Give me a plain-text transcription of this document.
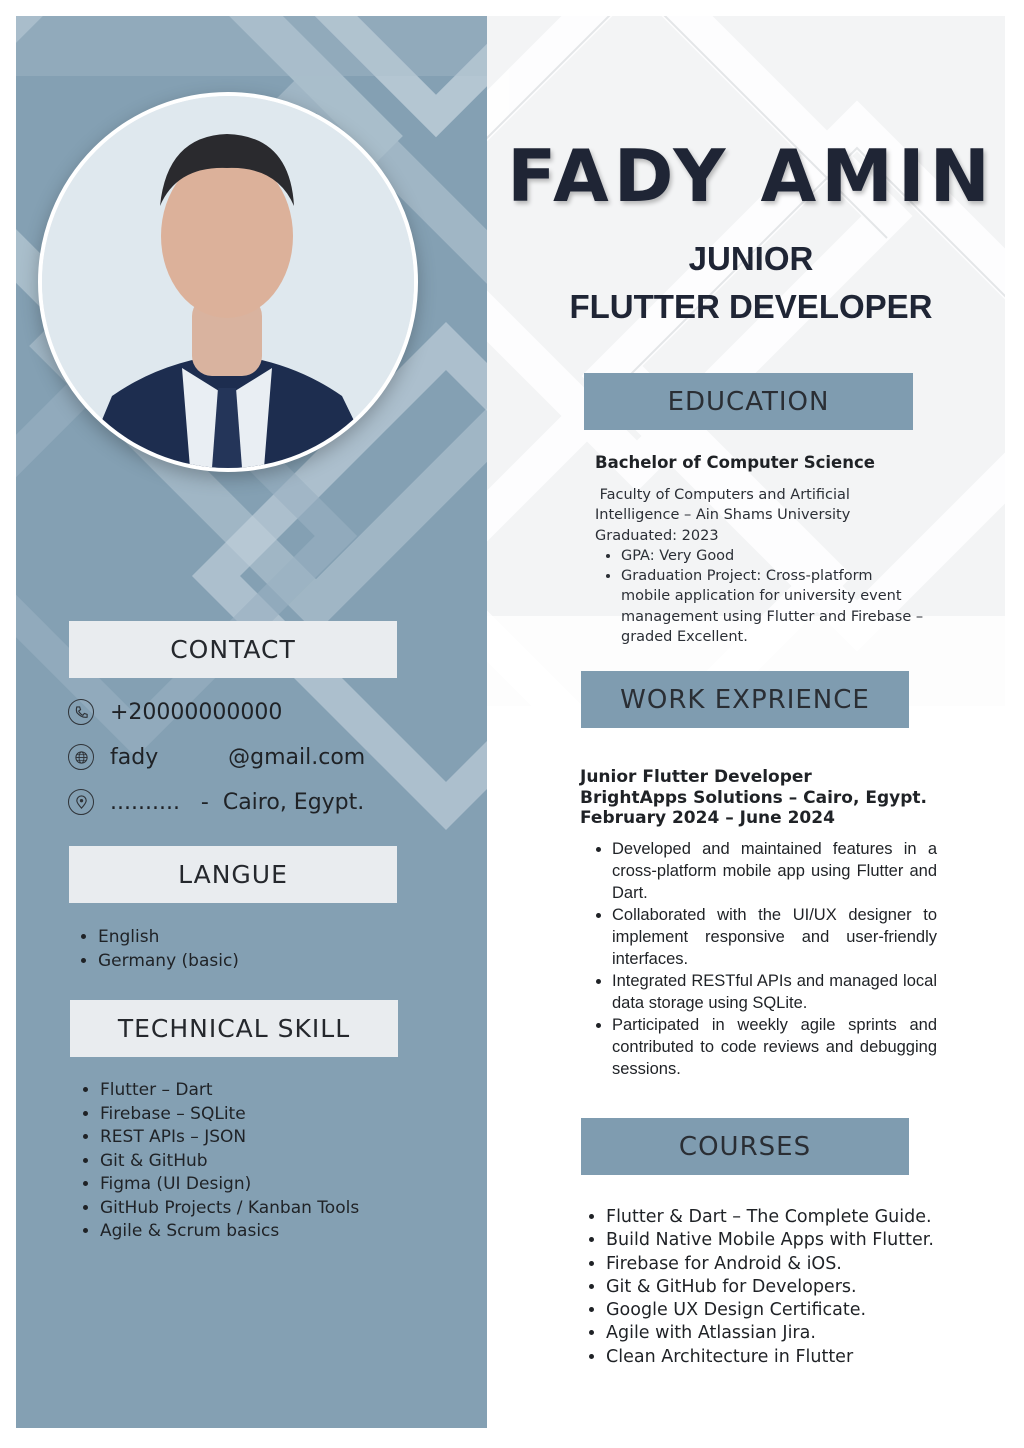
CONTACT
+20000000000
fady          @gmail.com
..........   -  Cairo, Egypt.
LANGUE
• English
• Germany (basic)
TECHNICAL SKILL
• Flutter – Dart
• Firebase – SQLite
• REST APIs – JSON
• Git & GitHub
• Figma (UI Design)
• GitHub Projects / Kanban Tools
• Agile & Scrum basics
FADY AMIN
JUNIOR
FLUTTER DEVELOPER
EDUCATION
Bachelor of Computer Science
Faculty of Computers and Artificial Intelligence – Ain Shams University
Graduated: 2023
• GPA: Very Good
• Graduation Project: Cross-platform mobile application for university event management using Flutter and Firebase – graded Excellent.
WORK EXPRIENCE
Junior Flutter Developer
BrightApps Solutions – Cairo, Egypt.
February 2024 – June 2024
• Developed and maintained features in a cross-platform mobile app using Flutter and Dart.
• Collaborated with the UI/UX designer to implement responsive and user-friendly interfaces.
• Integrated RESTful APIs and managed local data storage using SQLite.
• Participated in weekly agile sprints and contributed to code reviews and debugging sessions.
COURSES
• Flutter & Dart – The Complete Guide.
• Build Native Mobile Apps with Flutter.
• Firebase for Android & iOS.
• Git & GitHub for Developers.
• Google UX Design Certificate.
• Agile with Atlassian Jira.
• Clean Architecture in Flutter
